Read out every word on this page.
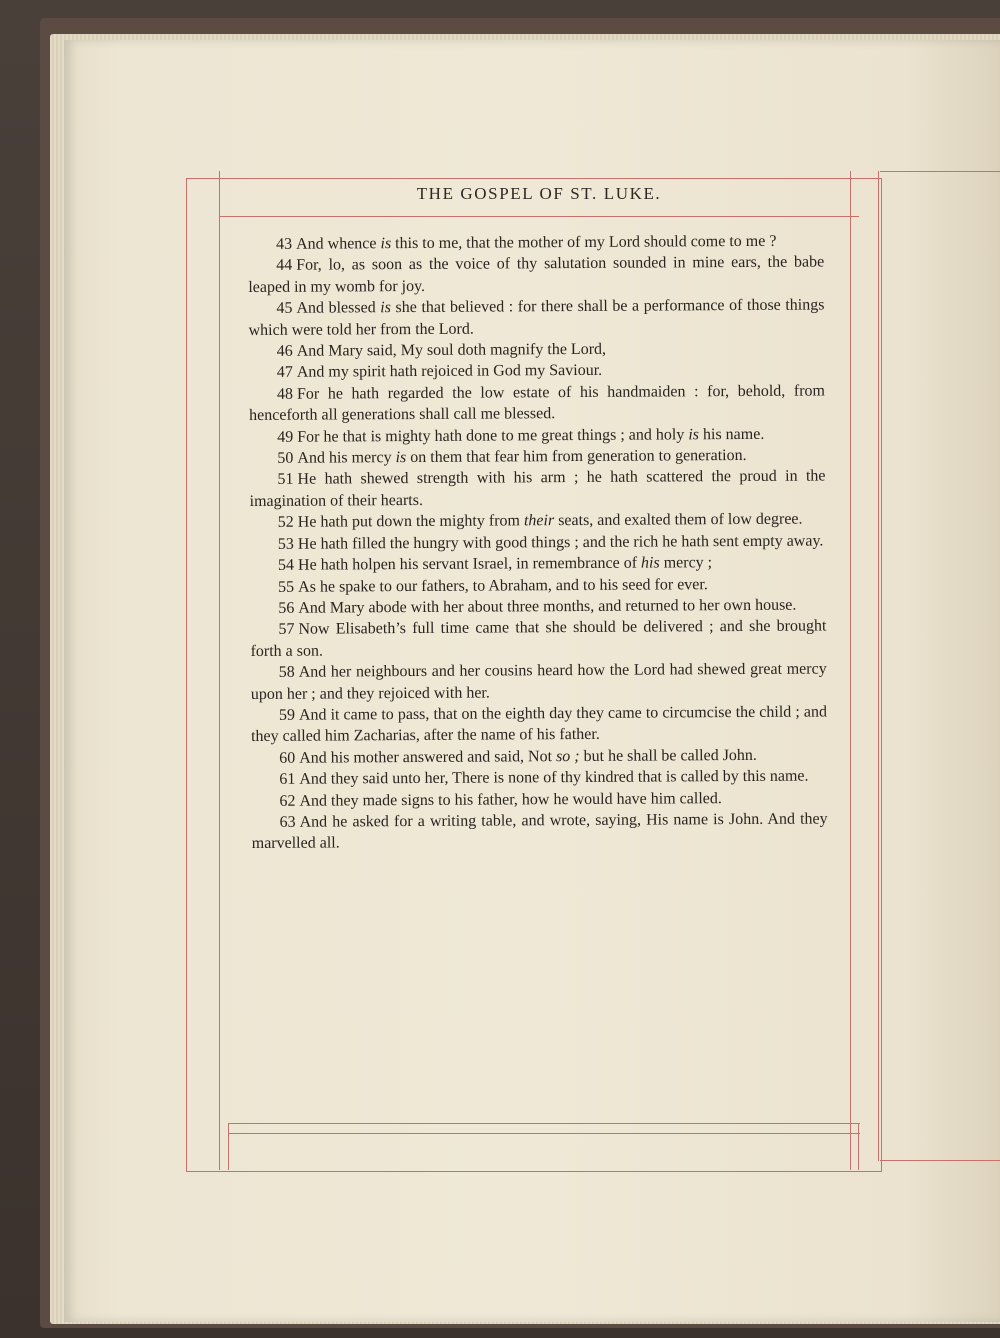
THE GOSPEL OF ST. LUKE.

43 And whence is this to me, that the mother of my Lord should come to me ?

44 For, lo, as soon as the voice of thy salutation sounded in mine ears, the babe leaped in my womb for joy.

45 And blessed is she that believed : for there shall be a performance of those things which were told her from the Lord.

46 And Mary said, My soul doth magnify the Lord,

47 And my spirit hath rejoiced in God my Saviour.

48 For he hath regarded the low estate of his handmaiden : for, behold, from henceforth all generations shall call me blessed.

49 For he that is mighty hath done to me great things ; and holy is his name.

50 And his mercy is on them that fear him from generation to generation.

51 He hath shewed strength with his arm ; he hath scattered the proud in the imagination of their hearts.

52 He hath put down the mighty from their seats, and exalted them of low degree.

53 He hath filled the hungry with good things ; and the rich he hath sent empty away.

54 He hath holpen his servant Israel, in remembrance of his mercy ;

55 As he spake to our fathers, to Abraham, and to his seed for ever.

56 And Mary abode with her about three months, and returned to her own house.

57 Now Elisabeth’s full time came that she should be delivered ; and she brought forth a son.

58 And her neighbours and her cousins heard how the Lord had shewed great mercy upon her ; and they rejoiced with her.

59 And it came to pass, that on the eighth day they came to circumcise the child ; and they called him Zacharias, after the name of his father.

60 And his mother answered and said, Not so ; but he shall be called John.

61 And they said unto her, There is none of thy kindred that is called by this name.

62 And they made signs to his father, how he would have him called.

63 And he asked for a writing table, and wrote, saying, His name is John. And they marvelled all.
